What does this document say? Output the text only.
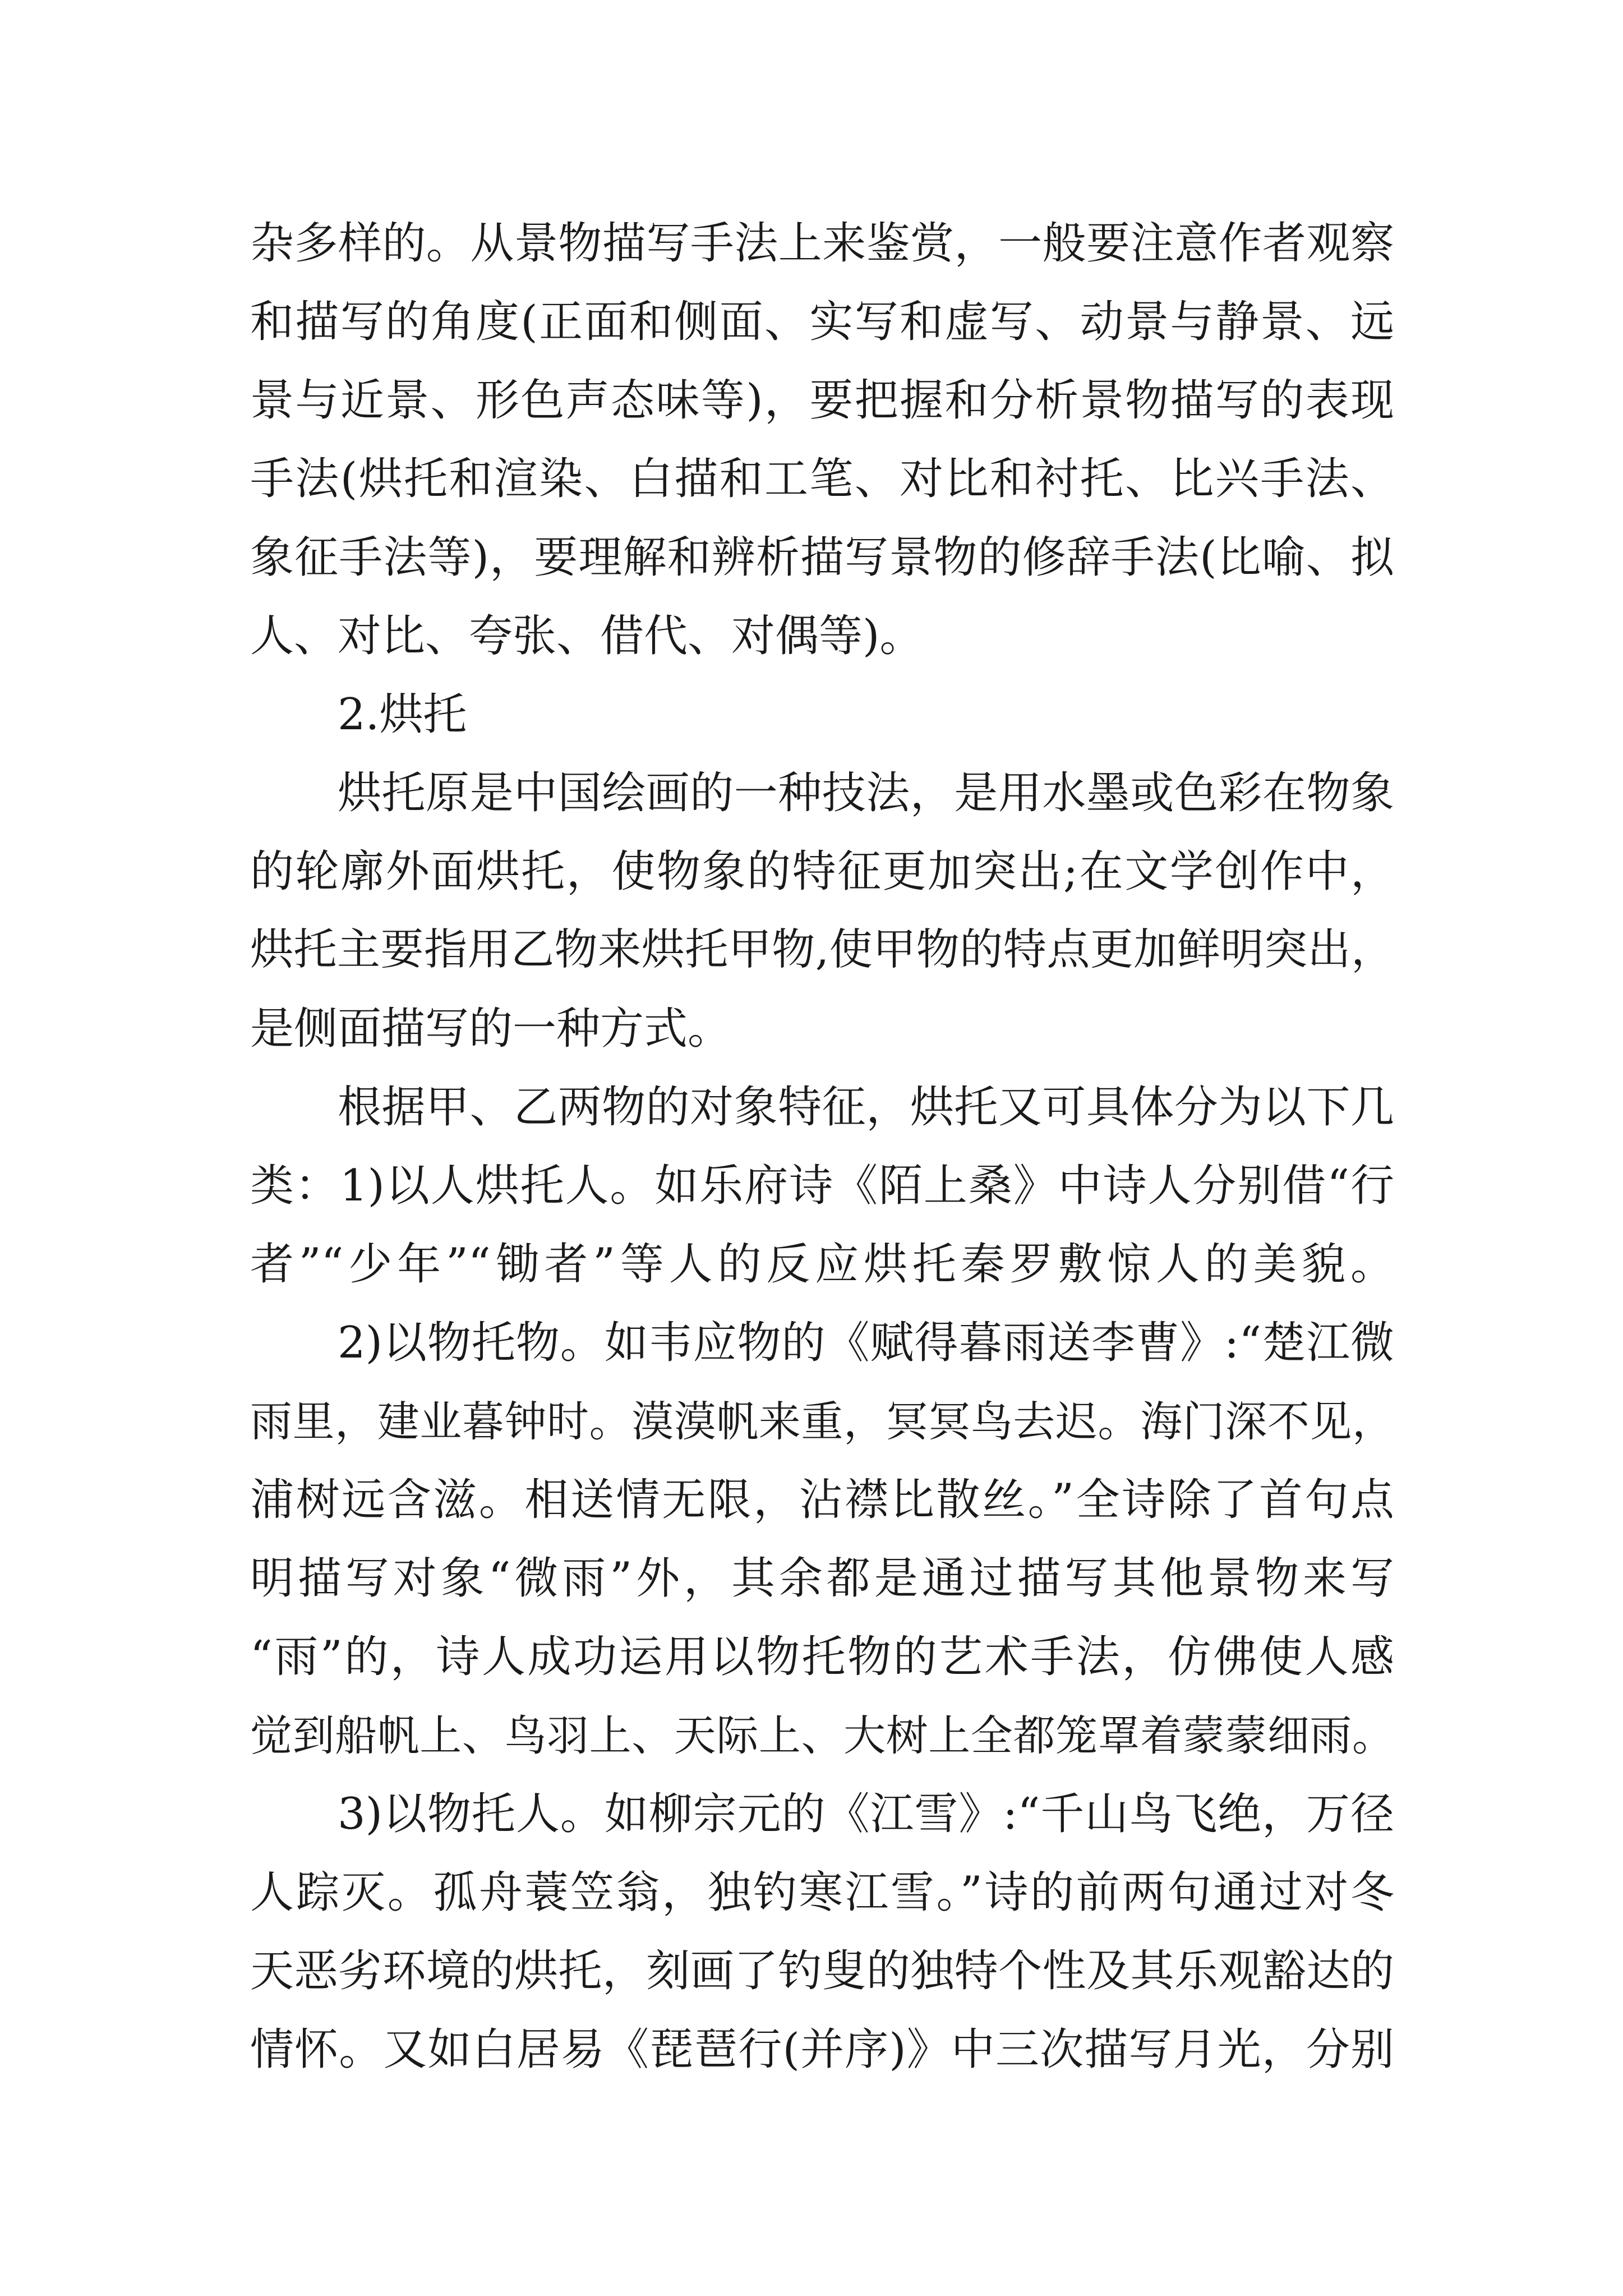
杂多样的。从景物描写手法上来鉴赏，一般要注意作者观察
和描写的角度(正面和侧面、实写和虚写、动景与静景、远
景与近景、形色声态味等)，要把握和分析景物描写的表现
手法(烘托和渲染、白描和工笔、对比和衬托、比兴手法、
象征手法等)，要理解和辨析描写景物的修辞手法(比喻、拟
人、对比、夸张、借代、对偶等)。
2.烘托
烘托原是中国绘画的一种技法，是用水墨或色彩在物象
的轮廓外面烘托，使物象的特征更加突出;在文学创作中，
烘托主要指用乙物来烘托甲物,使甲物的特点更加鲜明突出，
是侧面描写的一种方式。
根据甲、乙两物的对象特征，烘托又可具体分为以下几
类：1)以人烘托人。如乐府诗《陌上桑》中诗人分别借“行
者”“少年”“锄者”等人的反应烘托秦罗敷惊人的美貌。
2)以物托物。如韦应物的《赋得暮雨送李曹》:“楚江微
雨里，建业暮钟时。漠漠帆来重，冥冥鸟去迟。海门深不见，
浦树远含滋。相送情无限，沾襟比散丝。”全诗除了首句点
明描写对象“微雨”外，其余都是通过描写其他景物来写
“雨”的，诗人成功运用以物托物的艺术手法，仿佛使人感
觉到船帆上、鸟羽上、天际上、大树上全都笼罩着蒙蒙细雨。
3)以物托人。如柳宗元的《江雪》:“千山鸟飞绝，万径
人踪灭。孤舟蓑笠翁，独钓寒江雪。”诗的前两句通过对冬
天恶劣环境的烘托，刻画了钓叟的独特个性及其乐观豁达的
情怀。又如白居易《琵琶行(并序)》中三次描写月光，分别
